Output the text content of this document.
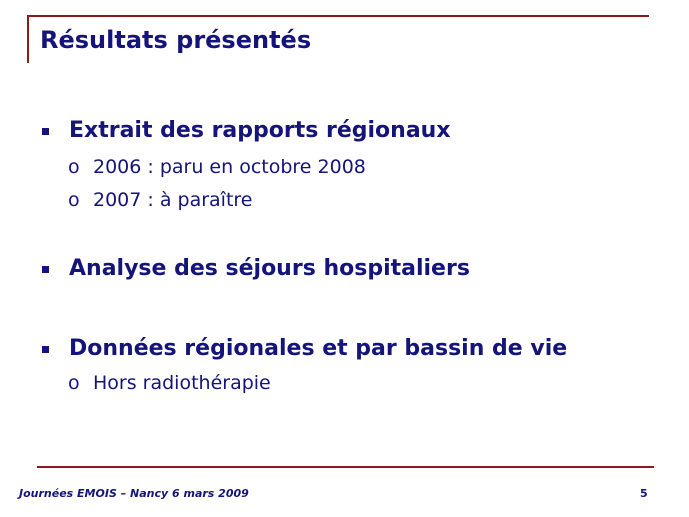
Résultats présentés
Extrait des rapports régionaux
o 2006 : paru en octobre 2008
o 2007 : à paraître
Analyse des séjours hospitaliers
Données régionales et par bassin de vie
o Hors radiothérapie
Journées EMOIS – Nancy 6 mars 2009	5
